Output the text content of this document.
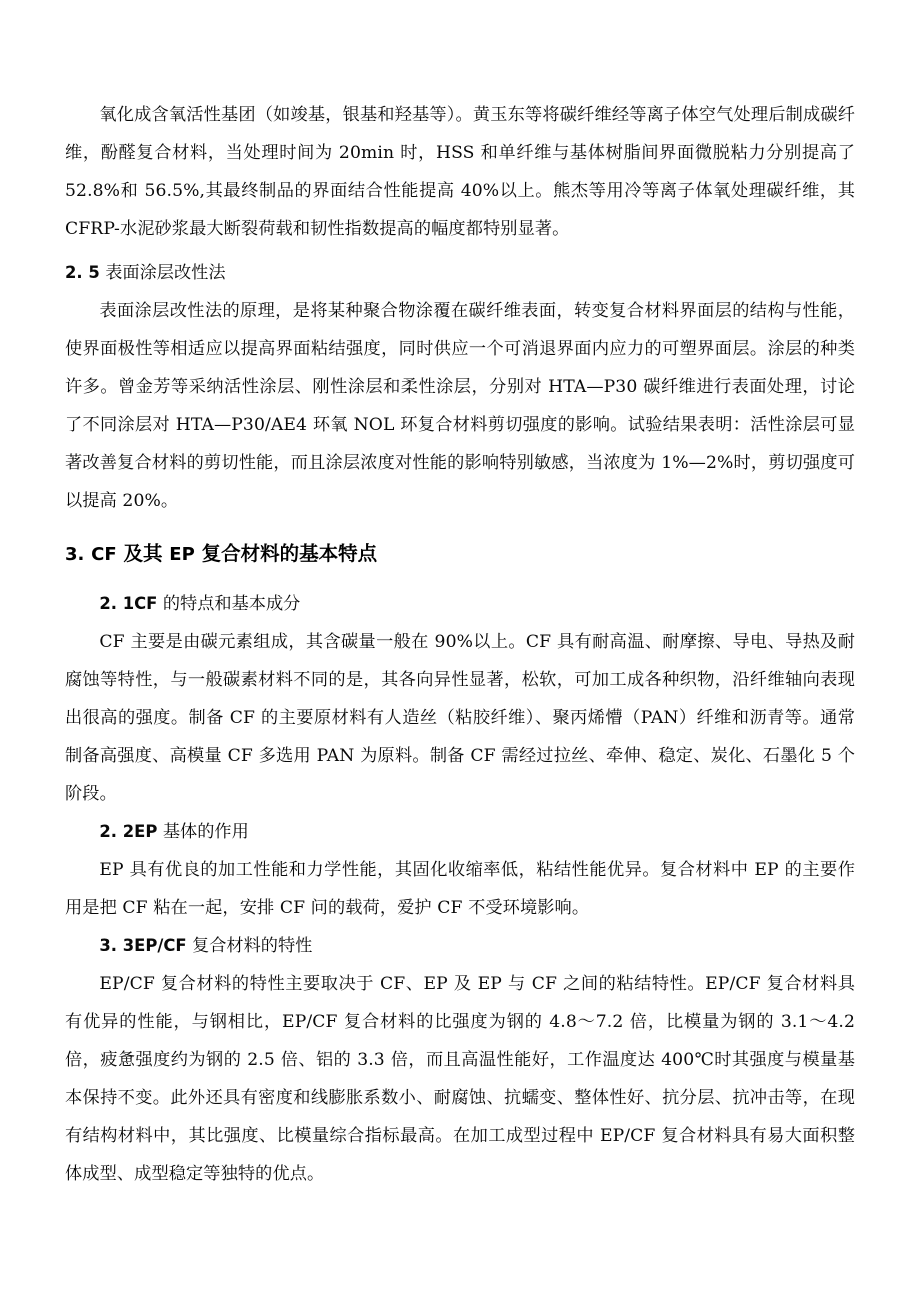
氧化成含氧活性基团（如竣基，银基和羟基等）。黄玉东等将碳纤维经等离子体空气处理后制成碳纤维，酚醛复合材料，当处理时间为 20min 时，HSS 和单纤维与基体树脂间界面微脱粘力分别提高了 52.8%和 56.5%,其最终制品的界面结合性能提高 40%以上。熊杰等用冷等离子体氧处理碳纤维，其 CFRP-水泥砂浆最大断裂荷载和韧性指数提高的幅度都特别显著。

2. 5 表面涂层改性法

表面涂层改性法的原理，是将某种聚合物涂覆在碳纤维表面，转变复合材料界面层的结构与性能，使界面极性等相适应以提高界面粘结强度，同时供应一个可消退界面内应力的可塑界面层。涂层的种类许多。曾金芳等采纳活性涂层、刚性涂层和柔性涂层，分别对 HTA—P30 碳纤维进行表面处理，讨论了不同涂层对 HTA—P30/AE4 环氧 NOL 环复合材料剪切强度的影响。试验结果表明：活性涂层可显著改善复合材料的剪切性能，而且涂层浓度对性能的影响特别敏感，当浓度为 1%—2%时，剪切强度可以提高 20%。

3. CF 及其 EP 复合材料的基本特点
2. 1CF 的特点和基本成分

CF 主要是由碳元素组成，其含碳量一般在 90%以上。CF 具有耐高温、耐摩擦、导电、导热及耐腐蚀等特性，与一般碳素材料不同的是，其各向异性显著，松软，可加工成各种织物，沿纤维轴向表现出很高的强度。制备 CF 的主要原材料有人造丝（粘胶纤维）、聚丙烯懵（PAN）纤维和沥青等。通常制备高强度、高模量 CF 多选用 PAN 为原料。制备 CF 需经过拉丝、牵伸、稳定、炭化、石墨化 5 个阶段。

2. 2EP 基体的作用

EP 具有优良的加工性能和力学性能，其固化收缩率低，粘结性能优异。复合材料中 EP 的主要作用是把 CF 粘在一起，安排 CF 问的载荷，爱护 CF 不受环境影响。

3. 3EP/CF 复合材料的特性

EP/CF 复合材料的特性主要取决于 CF、EP 及 EP 与 CF 之间的粘结特性。EP/CF 复合材料具有优异的性能，与钢相比，EP/CF 复合材料的比强度为钢的 4.8～7.2 倍，比模量为钢的 3.1～4.2 倍，疲惫强度约为钢的 2.5 倍、铝的 3.3 倍，而且高温性能好，工作温度达 400℃时其强度与模量基本保持不变。此外还具有密度和线膨胀系数小、耐腐蚀、抗蠕变、整体性好、抗分层、抗冲击等，在现有结构材料中，其比强度、比模量综合指标最高。在加工成型过程中 EP/CF 复合材料具有易大面积整体成型、成型稳定等独特的优点。
